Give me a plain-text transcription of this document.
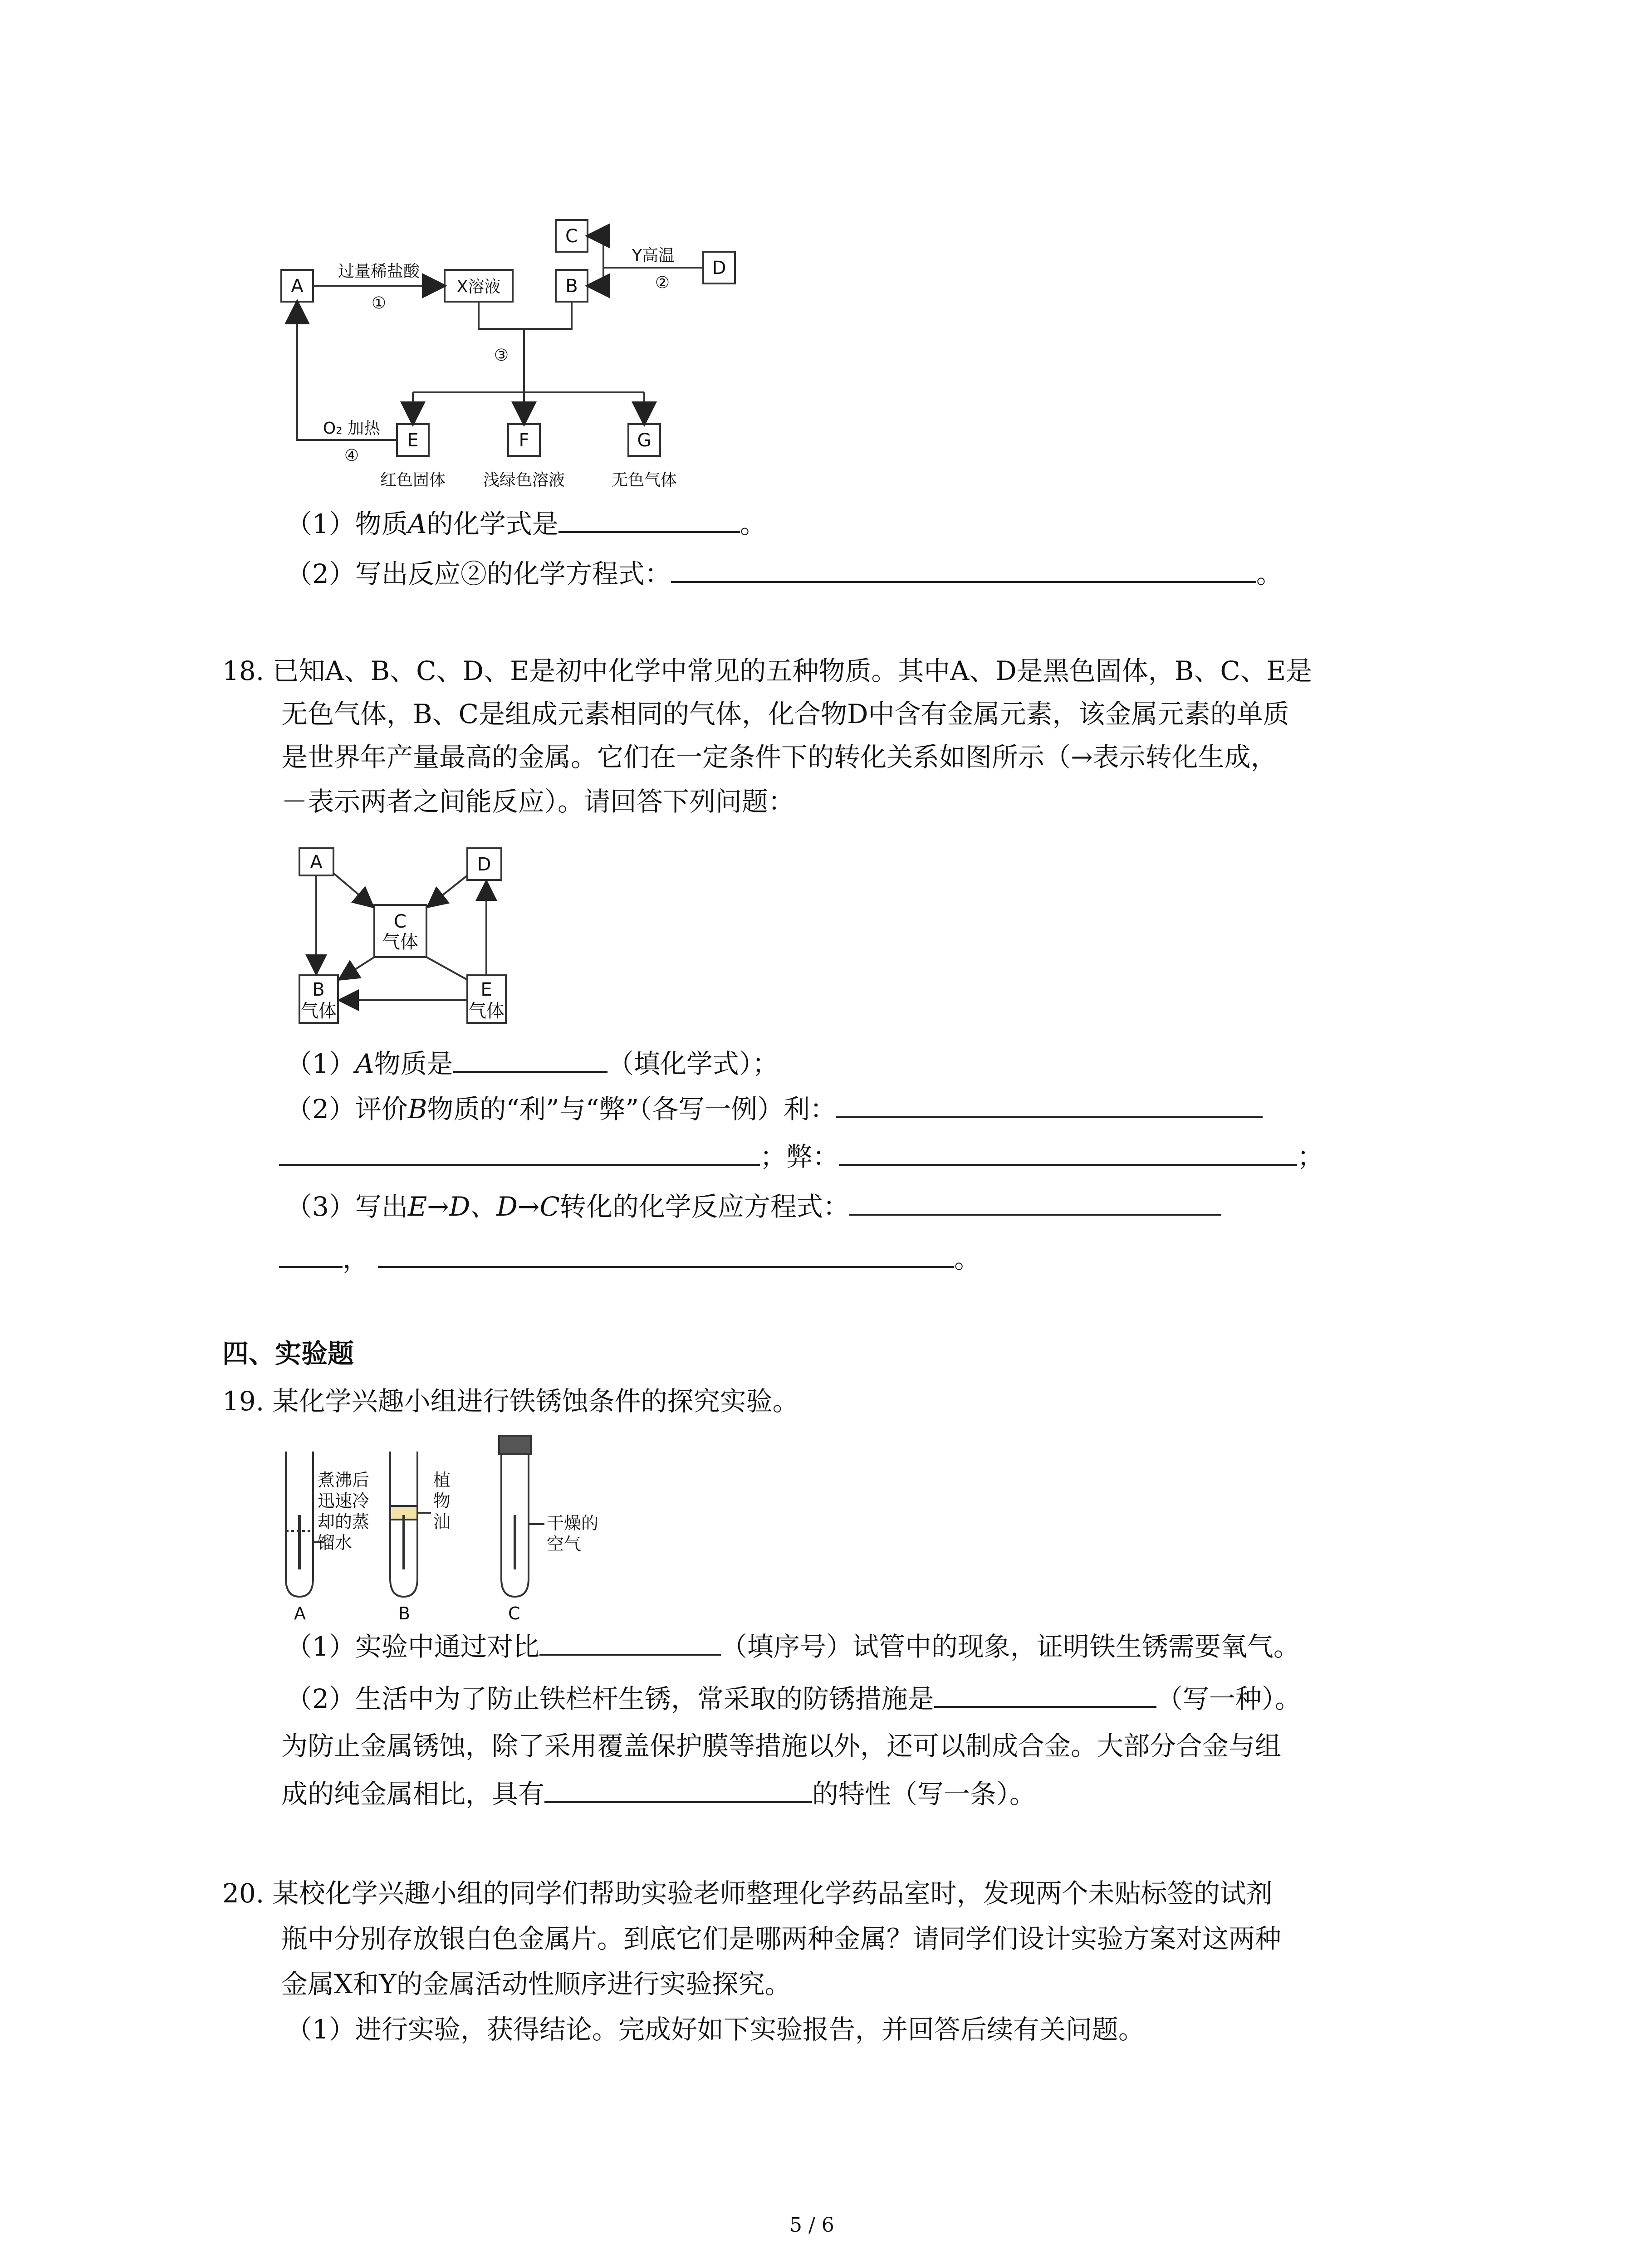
A	X溶液	B
C
D
E	F	G
过量稀盐酸
①
Y高温
②
③
O₂ 加热
④
红色固体 浅绿色溶液	无色气体
（1）物质A的化学式是	。
（2）写出反应②的化学方程式：	。
18. 已知A、B、C、D、E是初中化学中常见的五种物质。其中A、D是黑色固体，B、C、E是
无色气体，B、C是组成元素相同的气体，化合物D中含有金属元素，该金属元素的单质
是世界年产量最高的金属。它们在一定条件下的转化关系如图所示（→表示转化生成，
－表示两者之间能反应）。请回答下列问题：
A	D
C
气体
B
气体
E
气体
（1）A物质是	（填化学式）；
（2）评价B物质的“利”与“弊”（各写一例）利：
；弊：	；
（3）写出E→D、D→C转化的化学反应方程式：
，	。
四、实验题
19. 某化学兴趣小组进行铁锈蚀条件的探究实验。
A	B	C
煮沸后
迅速冷
却的蒸
馏水
植
物
油	干燥的
空气
（1）实验中通过对比	（填序号）试管中的现象，证明铁生锈需要氧气。
（2）生活中为了防止铁栏杆生锈，常采取的防锈措施是	（写一种）。
为防止金属锈蚀，除了采用覆盖保护膜等措施以外，还可以制成合金。大部分合金与组
成的纯金属相比，具有	的特性（写一条）。
20. 某校化学兴趣小组的同学们帮助实验老师整理化学药品室时，发现两个未贴标签的试剂
瓶中分别存放银白色金属片。到底它们是哪两种金属？请同学们设计实验方案对这两种
金属X和Y的金属活动性顺序进行实验探究。
（1）进行实验，获得结论。完成好如下实验报告，并回答后续有关问题。
5 / 6
